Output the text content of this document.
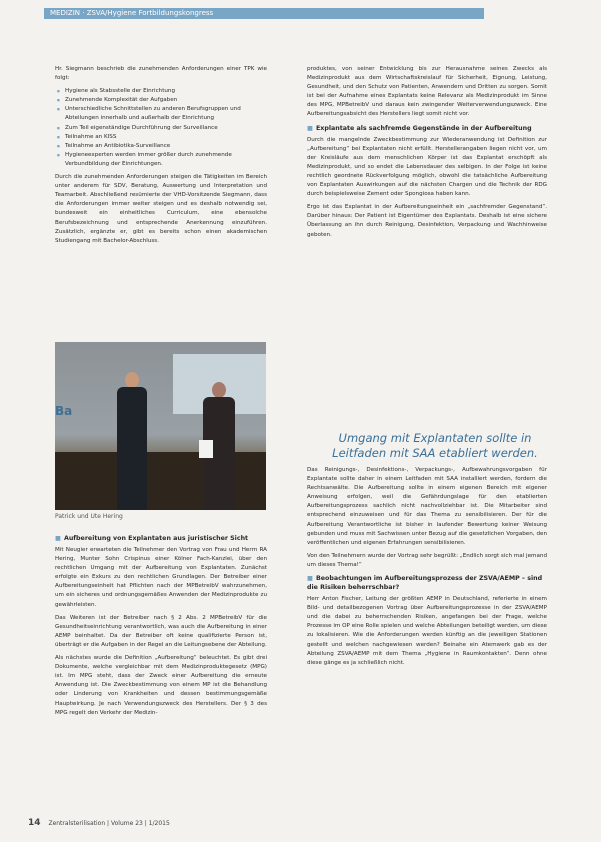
MEDIZIN · ZSVA/Hygiene Fortbildungskongress

Hr. Siegmann beschrieb die zunehmenden Anforderungen einer TPK wie folgt:

■ Hygiene als Stabsstelle der Einrichtung
■ Zunehmende Komplexität der Aufgaben
■ Unterschiedliche Schnittstellen zu anderen Berufsgruppen und Abteilungen innerhalb und außerhalb der Einrichtung
■ Zum Teil eigenständige Durchführung der Surveillance
■ Teilnahme an KISS
■ Teilnahme an Antibiotika-Surveillance
■ Hygieneexperten werden immer größer durch zunehmende Verbundbildung der Einrichtungen.

Durch die zunehmenden Anforderungen steigen die Tätigkeiten im Bereich unter anderem für SDV, Beratung, Auswertung und Interpretation und Teamarbeit. Abschließend resümierte der VHD-Vorsitzende Siegmann, dass die Anforderungen immer weiter steigen und es deshalb notwendig sei, bundesweit ein einheitliches Curriculum, eine ebensolche Berufsbezeichnung und entsprechende Anerkennung einzuführen. Zusätzlich, ergänzte er, gibt es bereits schon einen akademischen Studiengang mit Bachelor-Abschluss.

Ba
Patrick und Ute Hering
■ Aufbereitung von Explantaten aus juristischer Sicht

Mit Neugier erwarteten die Teilnehmer den Vortrag von Frau und Herrn RA Hering, Munter Sohn Crispinus einer Kölner Fach-Kanzlei, über den rechtlichen Umgang mit der Aufbereitung von Explantaten. Zunächst erfolgte ein Exkurs zu den rechtlichen Grundlagen. Der Betreiber einer Aufbereitungseinheit hat Pflichten nach der MPBetreibV wahrzunehmen, um ein sicheres und ordnungsgemäßes Anwenden der Medizinprodukte zu gewährleisten.

Das Weiteren ist der Betreiber nach § 2 Abs. 2 MPBetreibV für die Gesundheitseinrichtung verantwortlich, was auch die Aufbereitung in einer AEMP beinhaltet. Da der Betreiber oft keine qualifizierte Person ist, überträgt er die Aufgaben in der Regel an die Leitungsebene der Abteilung.

Als nächstes wurde die Definition „Aufbereitung“ beleuchtet. Es gibt drei Dokumente, welche vergleichbar mit dem Medizinproduktegesetz (MPG) ist. Im MPG steht, dass der Zweck einer Aufbereitung die erneute Anwendung ist. Die Zweckbestimmung von einem MP ist die Behandlung oder Linderung von Krankheiten und dessen bestimmungsgemäße Hauptwirkung. Je nach Verwendungszweck des Herstellers. Der § 3 des MPG regelt den Verkehr der Medizin-

produktes, von seiner Entwicklung bis zur Herausnahme seines Zwecks als Medizinprodukt aus dem Wirtschaftskreislauf für Sicherheit, Eignung, Leistung, Gesundheit, und den Schutz von Patienten, Anwendern und Dritten zu sorgen. Somit ist bei der Aufnahme eines Explantats keine Relevanz als Medizinprodukt im Sinne des MPG, MPBetreibV und daraus kein zwingender Weiterverwendungszweck. Eine Aufbereitungsabsicht des Herstellers liegt somit nicht vor.

■ Explantate als sachfremde Gegenstände in der Aufbereitung

Durch die mangelnde Zweckbestimmung zur Wiederanwendung ist Definition zur „Aufbereitung“ bei Explantaten nicht erfüllt. Herstellerangaben liegen nicht vor, um der Kreisläufe aus dem menschlichen Körper ist das Explantat erschöpft als Medizinprodukt, und so endet die Lebensdauer des selbigen. In der Folge ist keine rechtlich geordnete Rückverfolgung möglich, obwohl die tatsächliche Aufbereitung von Explantaten Auswirkungen auf die nächsten Chargen und die Technik der RDG durch beispielsweise Zement oder Spongiosa haben kann.

Ergo ist das Explantat in der Aufbereitungseinheit ein „sachfremder Gegenstand“. Darüber hinaus: Der Patient ist Eigentümer des Explantats. Deshalb ist eine sichere Überlassung an ihn durch Reinigung, Desinfektion, Verpackung und Wachhinweise geboten.

Umgang mit Explantaten sollte in Leitfaden mit SAA etabliert werden.

Das Reinigungs-, Desinfektions-, Verpackungs-, Aufbewahrungsvorgaben für Explantate sollte daher in einem Leitfaden mit SAA installiert werden, fordern die Rechtsanwälte. Die Aufbereitung sollte in einem eigenen Bereich mit eigener Anweisung erfolgen, weil die Gefährdungslage für den etablierten Aufbereitungsprozess sachlich nicht nachvollziehbar ist. Die Mitarbeiter sind entsprechend einzuweisen und für das Thema zu sensibilisieren. Der für die Aufbereitung Verantwortliche ist bisher in laufender Bewertung keiner Weisung gebunden und muss mit Sachwissen unter Bezug auf die gesetzlichen Vorgaben, den veröffentlichen und eigenen Erfahrungen sensibilisieren.

Von den Teilnehmern wurde der Vortrag sehr begrüßt: „Endlich sorgt sich mal jemand um dieses Thema!“

■ Beobachtungen im Aufbereitungsprozess der ZSVA/AEMP – sind die Risiken beherrschbar?

Herr Anton Fischer, Leitung der größten AEMP in Deutschland, referierte in einem Bild- und detailbezogenen Vortrag über Aufbereitungsprozesse in der ZSVA/AEMP und die dabei zu beherrschenden Risiken, angefangen bei der Frage, welche Prozesse im OP eine Rolle spielen und welche Abteilungen beteiligt werden, um diese zu lokalisieren. Wie die Anforderungen werden künftig an die jeweiligen Stationen gestellt und welchen nachgewiesen werden? Beinahe ein Atemwerk gab es der Abteilung ZSVA/AEMP mit dem Thema „Hygiene in Raumkontakten“. Denn ohne diese gänge es ja schließlich nicht.

14 Zentralsterilisation | Volume 23 | 1/2015
